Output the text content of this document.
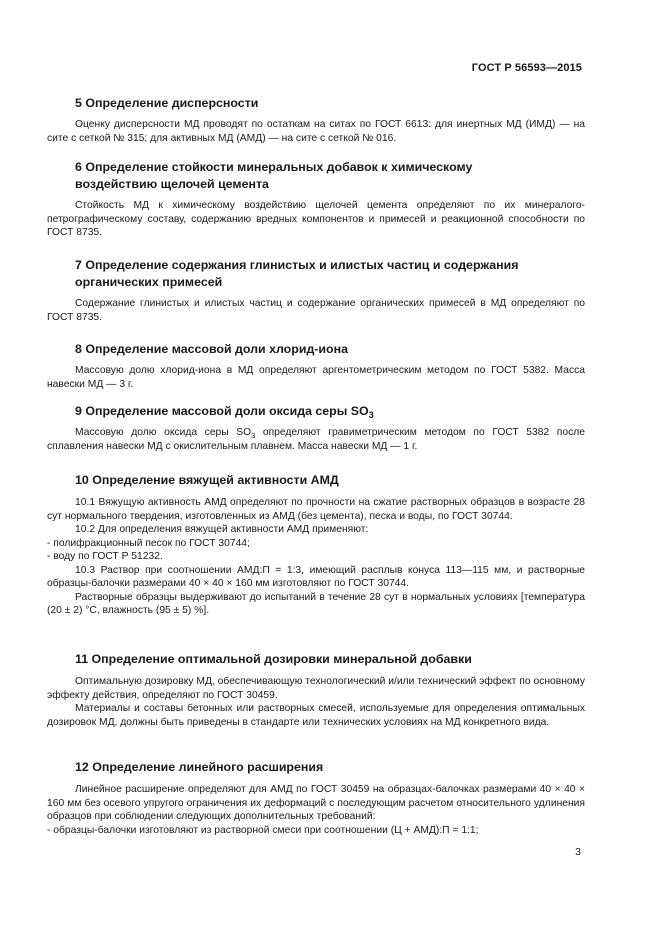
ГОСТ Р 56593—2015
5 Определение дисперсности

Оценку дисперсности МД проводят по остаткам на ситах по ГОСТ 6613: для инертных МД (ИМД) — на сите с сеткой № 315; для активных МД (АМД) — на сите с сеткой № 016.

6 Определение стойкости минеральных добавок к химическому
воздействию щелочей цемента

Стойкость МД к химическому воздействию щелочей цемента определяют по их минералого-петрографическому составу, содержанию вредных компонентов и примесей и реакционной способности по ГОСТ 8735.

7 Определение содержания глинистых и илистых частиц и содержания
органических примесей

Содержание глинистых и илистых частиц и содержание органических примесей в МД определяют по ГОСТ 8735.

8 Определение массовой доли хлорид-иона

Массовую долю хлорид-иона в МД определяют аргентометрическим методом по ГОСТ 5382. Масса навески МД — 3 г.

9 Определение массовой доли оксида серы $SO_3$

Массовую долю оксида серы $SO_3$ определяют гравиметрическим методом по ГОСТ 5382 после сплавления навески МД с окислительным плавнем. Масса навески МД — 1 г.

10 Определение вяжущей активности АМД

10.1 Вяжущую активность АМД определяют по прочности на сжатие растворных образцов в возрасте 28 сут нормального твердения, изготовленных из АМД (без цемента), песка и воды, по ГОСТ 30744.

10.2 Для определения вяжущей активности АМД применяют:

- полифракционный песок по ГОСТ 30744;

- воду по ГОСТ Р 51232.

10.3 Раствор при соотношении АМД:П = 1:3, имеющий расплыв конуса 113—115 мм, и растворные образцы-балочки размерами 40 × 40 × 160 мм изготовляют по ГОСТ 30744.

Растворные образцы выдерживают до испытаний в течение 28 сут в нормальных условиях [температура (20 ± 2) °С, влажность (95 ± 5) %].

11 Определение оптимальной дозировки минеральной добавки

Оптимальную дозировку МД, обеспечивающую технологический и/или технический эффект по основному эффекту действия, определяют по ГОСТ 30459.

Материалы и составы бетонных или растворных смесей, используемые для определения оптимальных дозировок МД, должны быть приведены в стандарте или технических условиях на МД конкретного вида.

12 Определение линейного расширения

Линейное расширение определяют для АМД по ГОСТ 30459 на образцах-балочках размерами 40 × 40 × 160 мм без осевого упругого ограничения их деформаций с последующим расчетом относительного удлинения образцов при соблюдении следующих дополнительных требований:

- образцы-балочки изготовляют из растворной смеси при соотношении (Ц + АМД):П = 1:1;

3
